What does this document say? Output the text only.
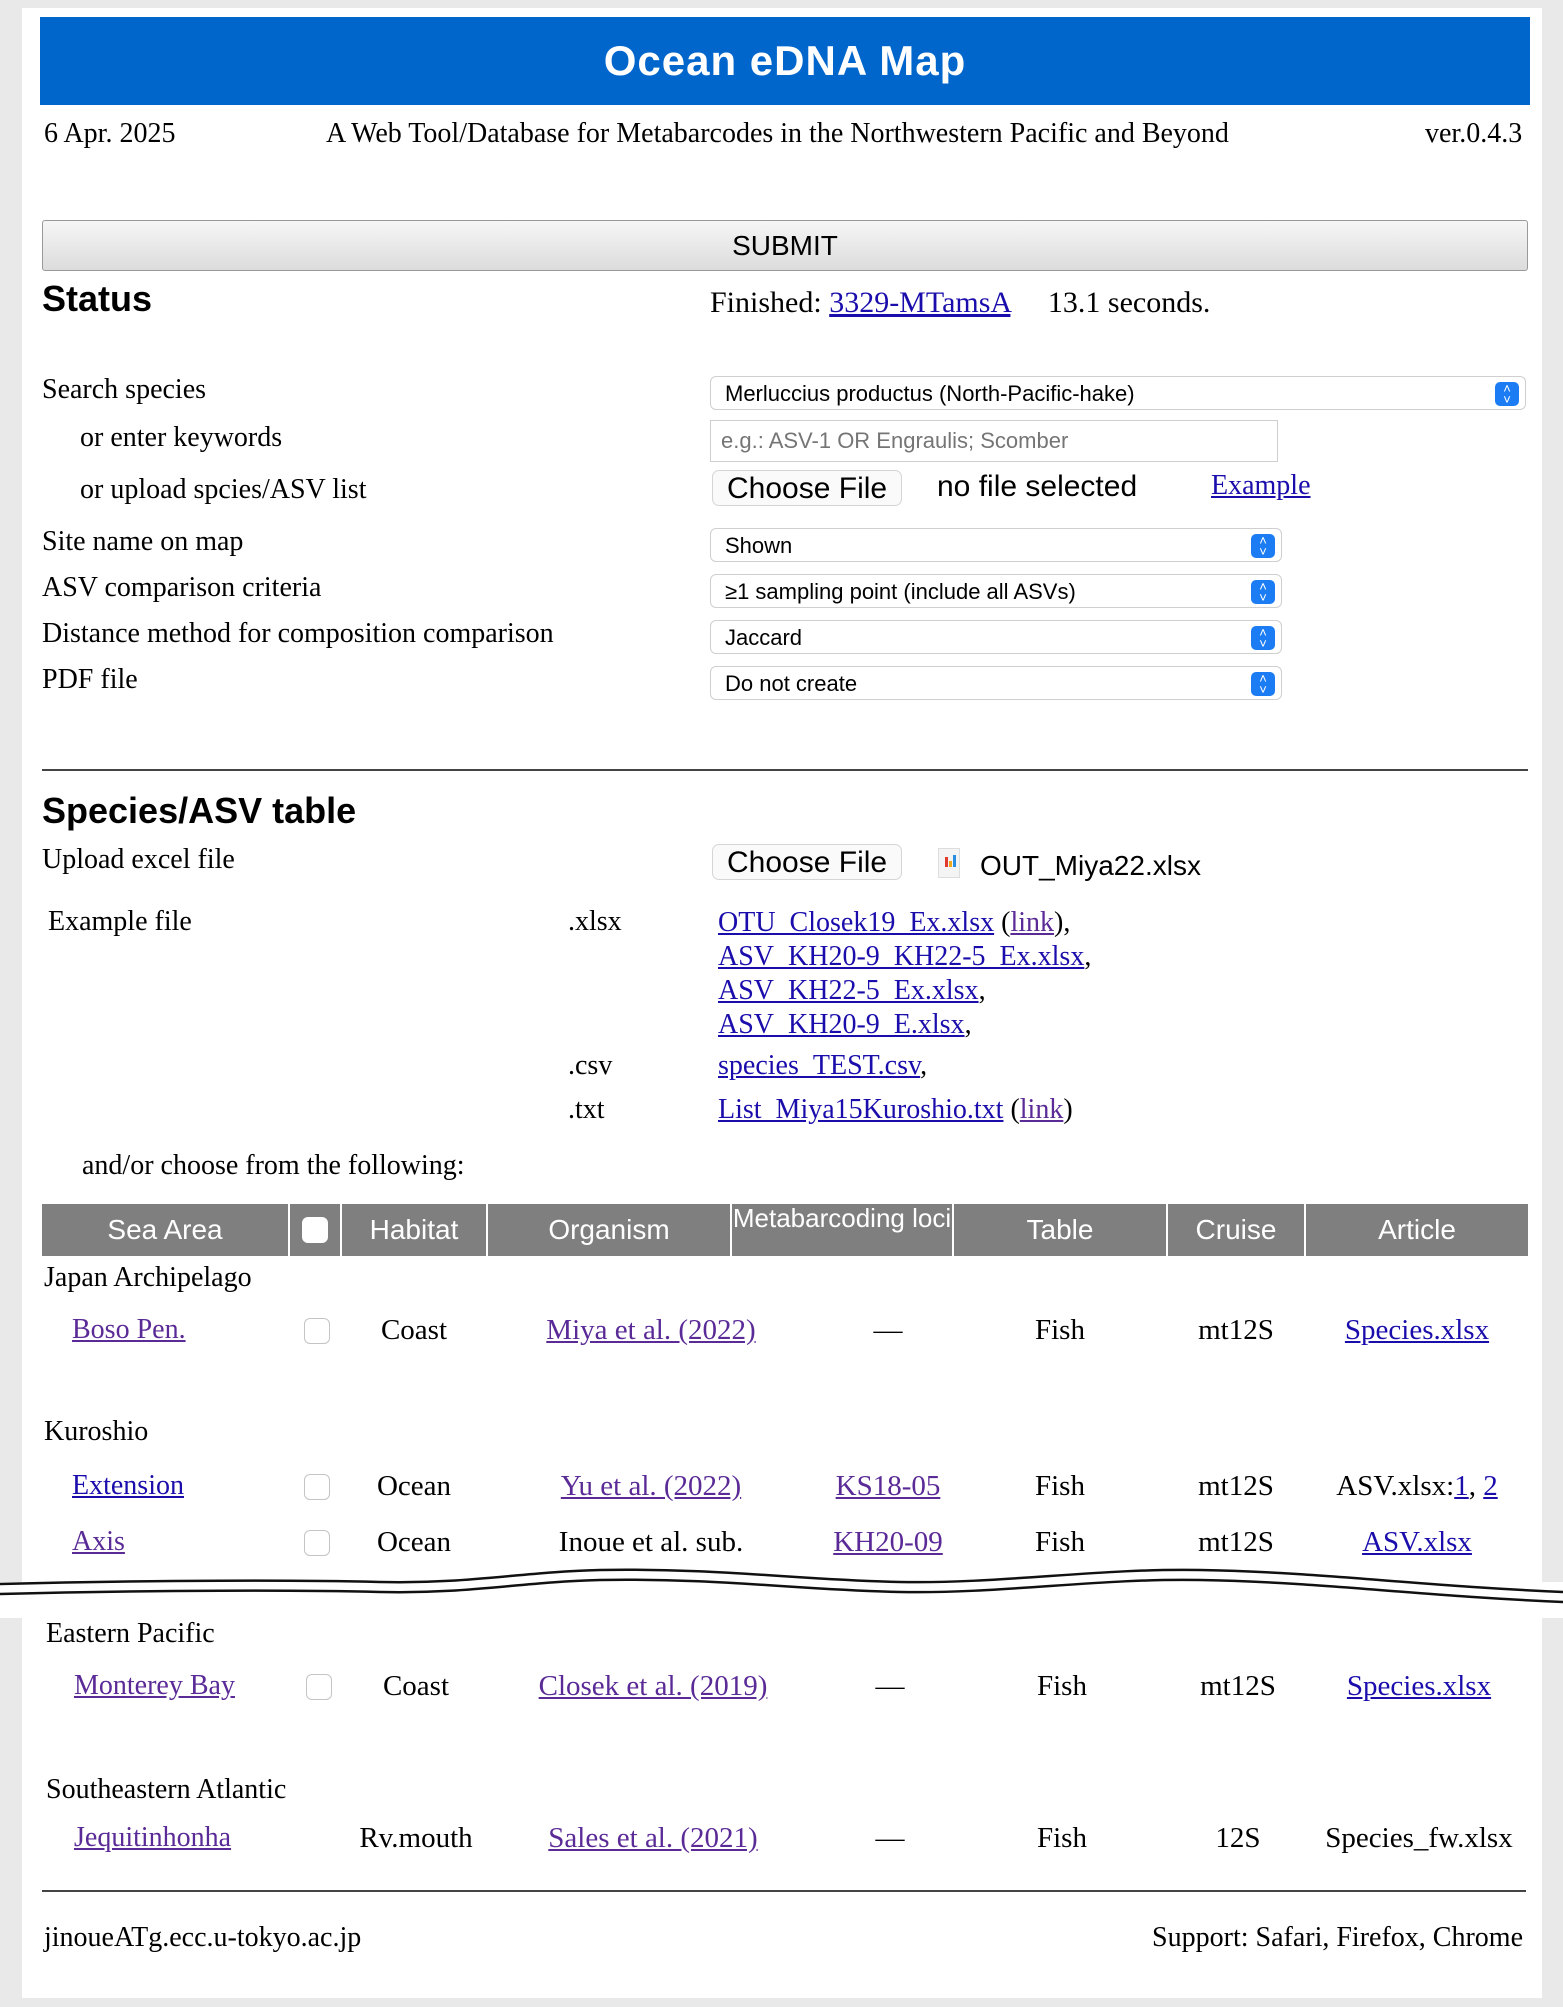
Ocean eDNA Map
6 Apr. 2025	A Web Tool/Database for Metabarcodes in the Northwestern Pacific and Beyond	ver.0.4.3
SUBMIT
Status	Finished: 3329-MTamsA 13.1 seconds.
Search species	Merluccius productus (North-Pacific-hake)	˄
˅
or enter keywords
e.g.: ASV-1 OR Engraulis; Scomber
or upload spcies/ASV list	Choose File	no file selected	Example
Site name on map	Shown	˄
˅
ASV comparison criteria	≥1 sampling point (include all ASVs)	˄
˅
Distance method for composition comparison	Jaccard	˄
˅
PDF file	Do not create	˄
˅
Species/ASV table
Upload excel file	Choose File	OUT_Miya22.xlsx
Example file	.xlsx	OTU_Closek19_Ex.xlsx (link),
ASV_KH20-9_KH22-5_Ex.xlsx,
ASV_KH22-5_Ex.xlsx,
ASV_KH20-9_E.xlsx,
.csv	species_TEST.csv,
.txt	List_Miya15Kuroshio.txt (link)
and/or choose from the following:
Sea Area	Habitat	Organism	Metabarcoding loci	Table	Cruise	Article
Japan Archipelago
Boso Pen.	Coast	Miya et al. (2022)	—	Fish	mt12S	Species.xlsx
Kuroshio
Extension	Ocean	Yu et al. (2022)	KS18-05	Fish	mt12S	ASV.xlsx:1, 2
Axis	Ocean	Inoue et al. sub.	KH20-09	Fish	mt12S	ASV.xlsx
Eastern Pacific
Monterey Bay	Coast	Closek et al. (2019)	—	Fish	mt12S	Species.xlsx
Southeastern Atlantic
Jequitinhonha	Rv.mouth	Sales et al. (2021)	—	Fish	12S	Species_fw.xlsx
jinoueATg.ecc.u-tokyo.ac.jp	Support: Safari, Firefox, Chrome
